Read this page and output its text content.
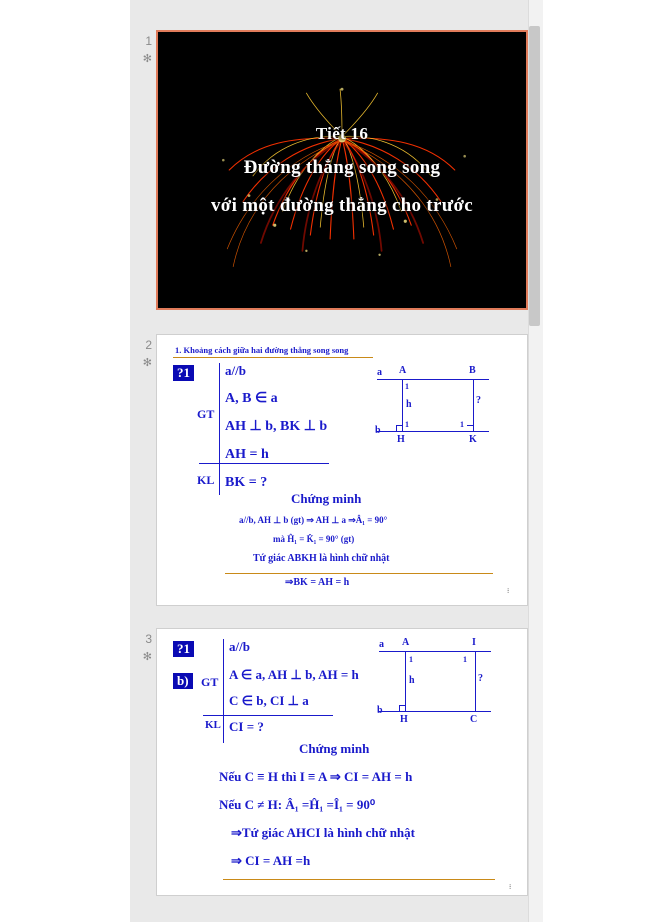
1
✻
Tiết 16
Đường thẳng song song
với một đường thẳng cho trước
2
✻
1. Khoảng cách giữa hai đường thẳng song song
?1
GT
KL
a//b
A, B ∈ a
AH ⊥ b, BK ⊥ b
AH = h
BK = ?
a A	B
b
H	K
h	?
1
1	1
Chứng minh
a//b, AH ⊥ b (gt) ⇒ AH ⊥ a ⇒Â₁ = 90°
mà Ĥ₁ = K̂₁ = 90° (gt)
Tứ giác ABKH là hình chữ nhật
⇒BK = AH = h
⁝
3
✻
?1
b)	GT
KL
a//b
A ∈ a, AH ⊥ b, AH = h
C ∈ b, CI ⊥ a
CI = ?
a A	I
b
H	C
h	?
1	1
Chứng minh
Nếu C ≡ H thì I ≡ A ⇒ CI = AH = h
Nếu C ≠ H: Â₁ =Ĥ₁ =Î₁ = 90⁰
⇒Tứ giác AHCI là hình chữ nhật
⇒ CI = AH =h
⁝
